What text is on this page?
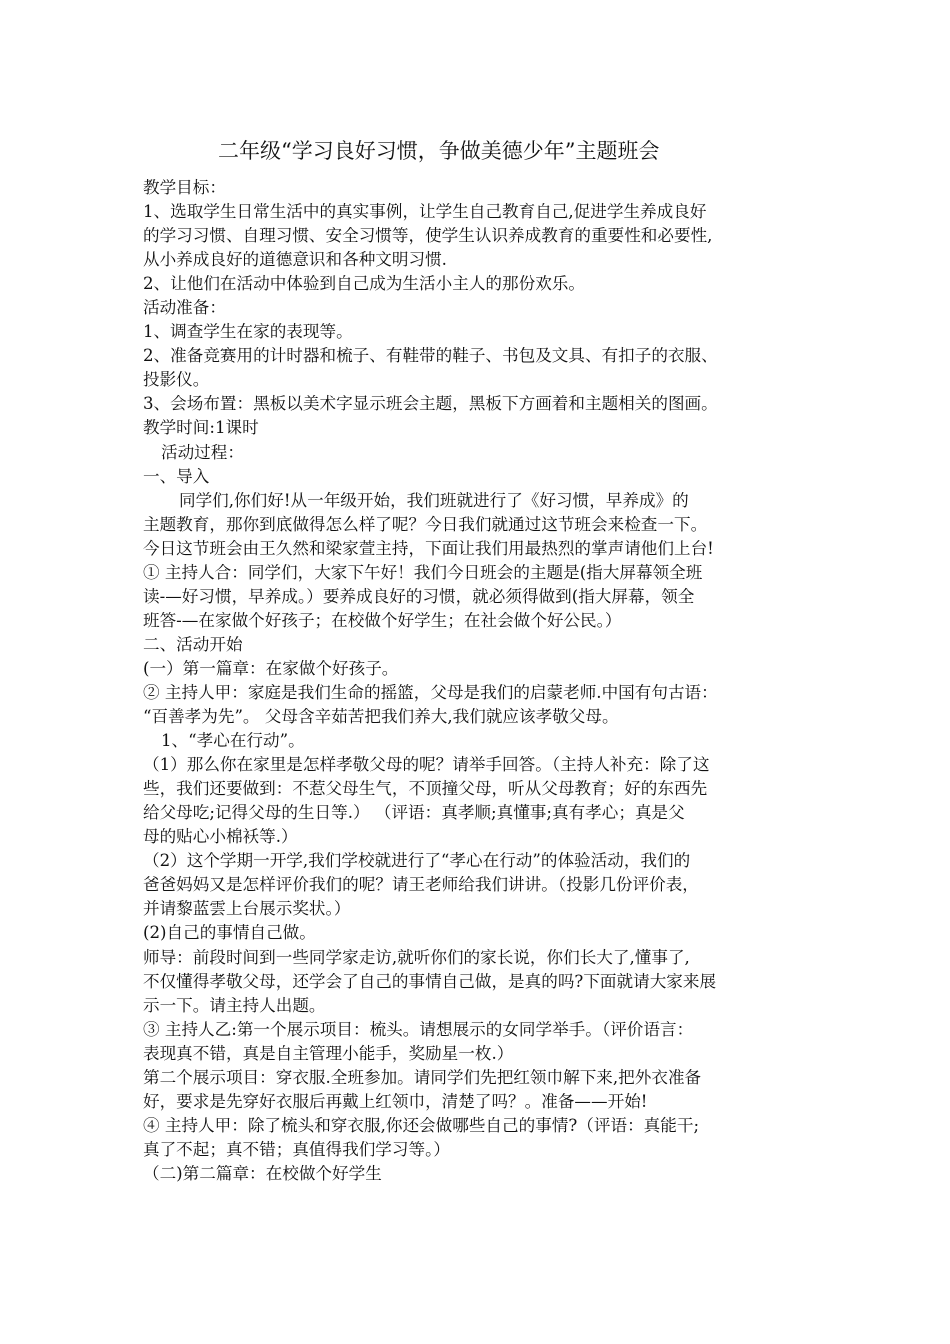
二年级“学习良好习惯，争做美德少年”主题班会
教学目标：
1、选取学生日常生活中的真实事例，让学生自己教育自己,促进学生养成良好
的学习习惯、自理习惯、安全习惯等，使学生认识养成教育的重要性和必要性,
从小养成良好的道德意识和各种文明习惯.
2、让他们在活动中体验到自己成为生活小主人的那份欢乐。
活动准备：
1、调查学生在家的表现等。
2、准备竞赛用的计时器和梳子、有鞋带的鞋子、书包及文具、有扣子的衣服、
投影仪。
3、会场布置：黑板以美术字显示班会主题，黑板下方画着和主题相关的图画。
教学时间:1课时
活动过程：
一、导入
同学们,你们好!从一年级开始，我们班就进行了《好习惯，早养成》的
主题教育，那你到底做得怎么样了呢？今日我们就通过这节班会来检查一下。
今日这节班会由王久然和梁家萱主持，下面让我们用最热烈的掌声请他们上台!
① 主持人合：同学们，大家下午好！我们今日班会的主题是(指大屏幕领全班
读-—好习惯，早养成。）要养成良好的习惯，就必须得做到(指大屏幕，领全
班答-—在家做个好孩子；在校做个好学生；在社会做个好公民。）
二、活动开始
(一）第一篇章：在家做个好孩子。
② 主持人甲：家庭是我们生命的摇篮，父母是我们的启蒙老师.中国有句古语：
“百善孝为先”。 父母含辛茹苦把我们养大,我们就应该孝敬父母。
1、“孝心在行动”。
（1）那么你在家里是怎样孝敬父母的呢？请举手回答。（主持人补充：除了这
些，我们还要做到：不惹父母生气，不顶撞父母，听从父母教育；好的东西先
给父母吃;记得父母的生日等.） （评语：真孝顺;真懂事;真有孝心；真是父
母的贴心小棉袄等.）
（2）这个学期一开学,我们学校就进行了“孝心在行动”的体验活动，我们的
爸爸妈妈又是怎样评价我们的呢？请王老师给我们讲讲。（投影几份评价表，
并请黎蓝雲上台展示奖状。）
(2)自己的事情自己做。
师导：前段时间到一些同学家走访,就听你们的家长说，你们长大了,懂事了,
不仅懂得孝敬父母，还学会了自己的事情自己做，是真的吗?下面就请大家来展
示一下。请主持人出题。
③ 主持人乙:第一个展示项目：梳头。请想展示的女同学举手。（评价语言：
表现真不错，真是自主管理小能手，奖励星一枚.）
第二个展示项目：穿衣服.全班参加。请同学们先把红领巾解下来,把外衣准备
好，要求是先穿好衣服后再戴上红领巾，清楚了吗？。准备——开始!
④ 主持人甲：除了梳头和穿衣服,你还会做哪些自己的事情?（评语：真能干;
真了不起；真不错；真值得我们学习等。）
（二)第二篇章：在校做个好学生
